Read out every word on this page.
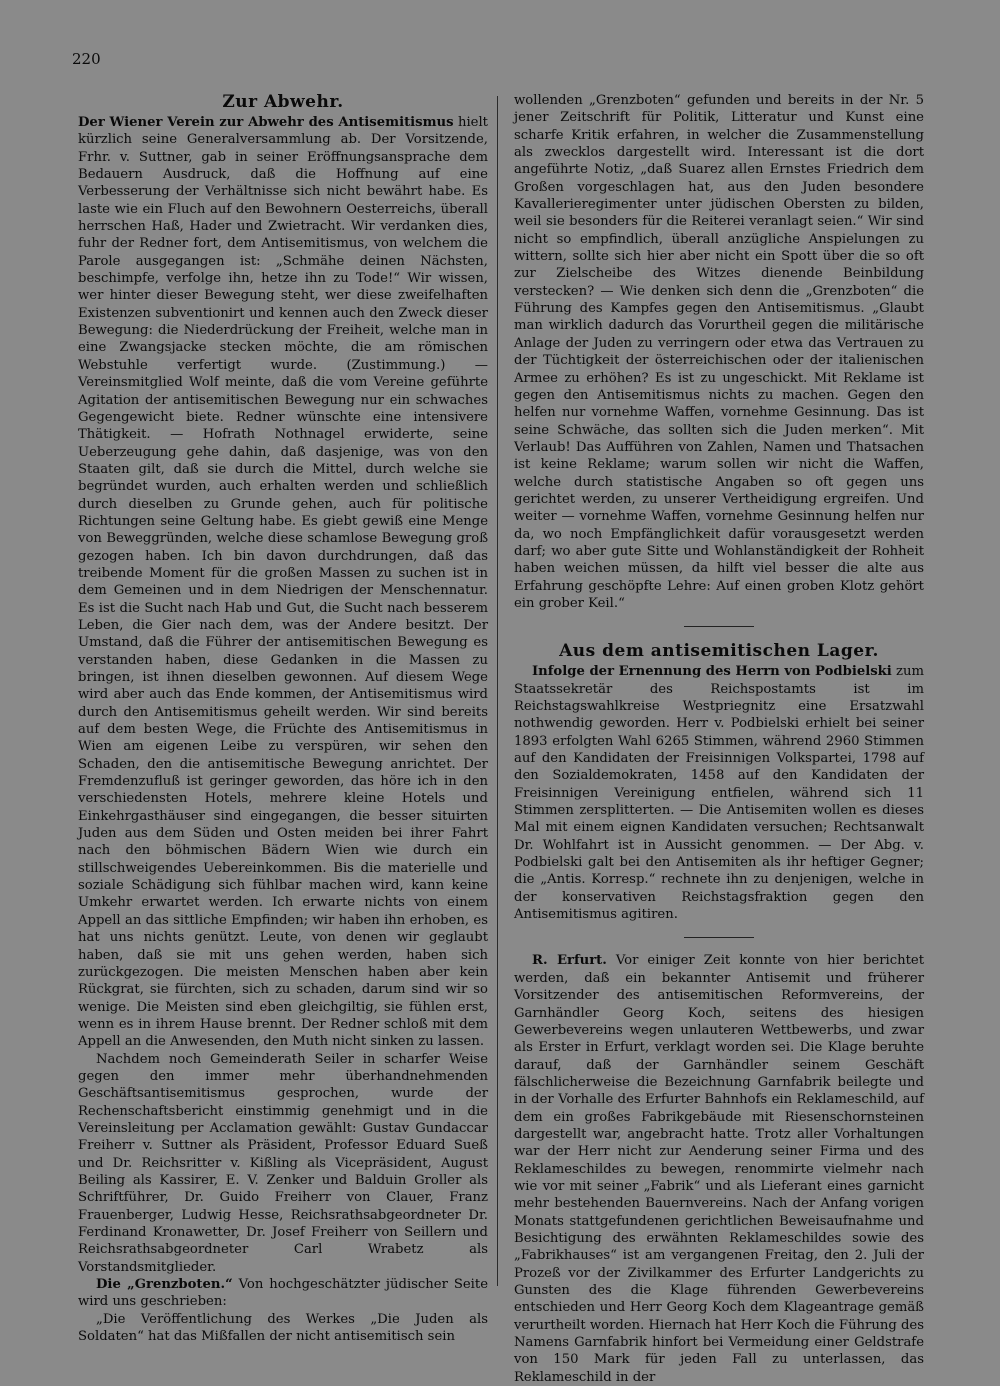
220
Zur Abwehr.

Der Wiener Verein zur Abwehr des Antisemitismus hielt kürzlich seine Generalversammlung ab. Der Vorsitzende, Frhr. v. Suttner, gab in seiner Eröffnungsansprache dem Bedauern Ausdruck, daß die Hoffnung auf eine Verbesserung der Verhältnisse sich nicht bewährt habe. Es laste wie ein Fluch auf den Bewohnern Oesterreichs, überall herrschen Haß, Hader und Zwietracht. Wir verdanken dies, fuhr der Redner fort, dem Antisemitismus, von welchem die Parole ausgegangen ist: „Schmähe deinen Nächsten, beschimpfe, verfolge ihn, hetze ihn zu Tode!“ Wir wissen, wer hinter dieser Bewegung steht, wer diese zweifelhaften Existenzen subventionirt und kennen auch den Zweck dieser Bewegung: die Niederdrückung der Freiheit, welche man in eine Zwangsjacke stecken möchte, die am römischen Webstuhle verfertigt wurde. (Zustimmung.) — Vereinsmitglied Wolf meinte, daß die vom Vereine geführte Agitation der antisemitischen Bewegung nur ein schwaches Gegengewicht biete. Redner wünschte eine intensivere Thätigkeit. — Hofrath Nothnagel erwiderte, seine Ueberzeugung gehe dahin, daß dasjenige, was von den Staaten gilt, daß sie durch die Mittel, durch welche sie begründet wurden, auch erhalten werden und schließlich durch dieselben zu Grunde gehen, auch für politische Richtungen seine Geltung habe. Es giebt gewiß eine Menge von Beweggründen, welche diese schamlose Bewegung groß gezogen haben. Ich bin davon durchdrungen, daß das treibende Moment für die großen Massen zu suchen ist in dem Gemeinen und in dem Niedrigen der Menschennatur. Es ist die Sucht nach Hab und Gut, die Sucht nach besserem Leben, die Gier nach dem, was der Andere besitzt. Der Umstand, daß die Führer der antisemitischen Bewegung es verstanden haben, diese Gedanken in die Massen zu bringen, ist ihnen dieselben gewonnen. Auf diesem Wege wird aber auch das Ende kommen, der Antisemitismus wird durch den Antisemitismus geheilt werden. Wir sind bereits auf dem besten Wege, die Früchte des Antisemitismus in Wien am eigenen Leibe zu verspüren, wir sehen den Schaden, den die antisemitische Bewegung anrichtet. Der Fremdenzufluß ist geringer geworden, das höre ich in den verschiedensten Hotels, mehrere kleine Hotels und Einkehrgasthäuser sind eingegangen, die besser situirten Juden aus dem Süden und Osten meiden bei ihrer Fahrt nach den böhmischen Bädern Wien wie durch ein stillschweigendes Uebereinkommen. Bis die materielle und soziale Schädigung sich fühlbar machen wird, kann keine Umkehr erwartet werden. Ich erwarte nichts von einem Appell an das sittliche Empfinden; wir haben ihn erhoben, es hat uns nichts genützt. Leute, von denen wir geglaubt haben, daß sie mit uns gehen werden, haben sich zurückgezogen. Die meisten Menschen haben aber kein Rückgrat, sie fürchten, sich zu schaden, darum sind wir so wenige. Die Meisten sind eben gleichgiltig, sie fühlen erst, wenn es in ihrem Hause brennt. Der Redner schloß mit dem Appell an die Anwesenden, den Muth nicht sinken zu lassen.

Nachdem noch Gemeinderath Seiler in scharfer Weise gegen den immer mehr überhandnehmenden Geschäftsantisemitismus gesprochen, wurde der Rechenschaftsbericht einstimmig genehmigt und in die Vereinsleitung per Acclamation gewählt: Gustav Gundaccar Freiherr v. Suttner als Präsident, Professor Eduard Sueß und Dr. Reichsritter v. Kißling als Vicepräsident, August Beiling als Kassirer, E. V. Zenker und Balduin Groller als Schriftführer, Dr. Guido Freiherr von Clauer, Franz Frauenberger, Ludwig Hesse, Reichsrathsabgeordneter Dr. Ferdinand Kronawetter, Dr. Josef Freiherr von Seillern und Reichsrathsabgeordneter Carl Wrabetz als Vorstandsmitglieder.

Die „Grenzboten.“ Von hochgeschätzter jüdischer Seite wird uns geschrieben:

„Die Veröffentlichung des Werkes „Die Juden als Soldaten“ hat das Mißfallen der nicht antisemitisch sein

wollenden „Grenzboten“ gefunden und bereits in der Nr. 5 jener Zeitschrift für Politik, Litteratur und Kunst eine scharfe Kritik erfahren, in welcher die Zusammenstellung als zwecklos dargestellt wird. Interessant ist die dort angeführte Notiz, „daß Suarez allen Ernstes Friedrich dem Großen vorgeschlagen hat, aus den Juden besondere Kavallerieregimenter unter jüdischen Obersten zu bilden, weil sie besonders für die Reiterei veranlagt seien.“ Wir sind nicht so empfindlich, überall anzügliche Anspielungen zu wittern, sollte sich hier aber nicht ein Spott über die so oft zur Zielscheibe des Witzes dienende Beinbildung verstecken? — Wie denken sich denn die „Grenzboten“ die Führung des Kampfes gegen den Antisemitismus. „Glaubt man wirklich dadurch das Vorurtheil gegen die militärische Anlage der Juden zu verringern oder etwa das Vertrauen zu der Tüchtigkeit der österreichischen oder der italienischen Armee zu erhöhen? Es ist zu ungeschickt. Mit Reklame ist gegen den Antisemitismus nichts zu machen. Gegen den helfen nur vornehme Waffen, vornehme Gesinnung. Das ist seine Schwäche, das sollten sich die Juden merken“. Mit Verlaub! Das Aufführen von Zahlen, Namen und Thatsachen ist keine Reklame; warum sollen wir nicht die Waffen, welche durch statistische Angaben so oft gegen uns gerichtet werden, zu unserer Vertheidigung ergreifen. Und weiter — vornehme Waffen, vornehme Gesinnung helfen nur da, wo noch Empfänglichkeit dafür vorausgesetzt werden darf; wo aber gute Sitte und Wohlanständigkeit der Rohheit haben weichen müssen, da hilft viel besser die alte aus Erfahrung geschöpfte Lehre: Auf einen groben Klotz gehört ein grober Keil.“

Aus dem antisemitischen Lager.

Infolge der Ernennung des Herrn von Podbielski zum Staatssekretär des Reichspostamts ist im Reichstagswahlkreise Westpriegnitz eine Ersatzwahl nothwendig geworden. Herr v. Podbielski erhielt bei seiner 1893 erfolgten Wahl 6265 Stimmen, während 2960 Stimmen auf den Kandidaten der Freisinnigen Volkspartei, 1798 auf den Sozialdemokraten, 1458 auf den Kandidaten der Freisinnigen Vereinigung entfielen, während sich 11 Stimmen zersplitterten. — Die Antisemiten wollen es dieses Mal mit einem eignen Kandidaten versuchen; Rechtsanwalt Dr. Wohlfahrt ist in Aussicht genommen. — Der Abg. v. Podbielski galt bei den Antisemiten als ihr heftiger Gegner; die „Antis. Korresp.“ rechnete ihn zu denjenigen, welche in der konservativen Reichstagsfraktion gegen den Antisemitismus agitiren.

R. Erfurt. Vor einiger Zeit konnte von hier berichtet werden, daß ein bekannter Antisemit und früherer Vorsitzender des antisemitischen Reformvereins, der Garnhändler Georg Koch, seitens des hiesigen Gewerbevereins wegen unlauteren Wettbewerbs, und zwar als Erster in Erfurt, verklagt worden sei. Die Klage beruhte darauf, daß der Garnhändler seinem Geschäft fälschlicherweise die Bezeichnung Garnfabrik beilegte und in der Vorhalle des Erfurter Bahnhofs ein Reklameschild, auf dem ein großes Fabrikgebäude mit Riesenschornsteinen dargestellt war, angebracht hatte. Trotz aller Vorhaltungen war der Herr nicht zur Aenderung seiner Firma und des Reklameschildes zu bewegen, renommirte vielmehr nach wie vor mit seiner „Fabrik“ und als Lieferant eines garnicht mehr bestehenden Bauernvereins. Nach der Anfang vorigen Monats stattgefundenen gerichtlichen Beweisaufnahme und Besichtigung des erwähnten Reklameschildes sowie des „Fabrikhauses“ ist am vergangenen Freitag, den 2. Juli der Prozeß vor der Zivilkammer des Erfurter Landgerichts zu Gunsten des die Klage führenden Gewerbevereins entschieden und Herr Georg Koch dem Klageantrage gemäß verurtheilt worden. Hiernach hat Herr Koch die Führung des Namens Garnfabrik hinfort bei Vermeidung einer Geldstrafe von 150 Mark für jeden Fall zu unterlassen, das Reklameschild in der
